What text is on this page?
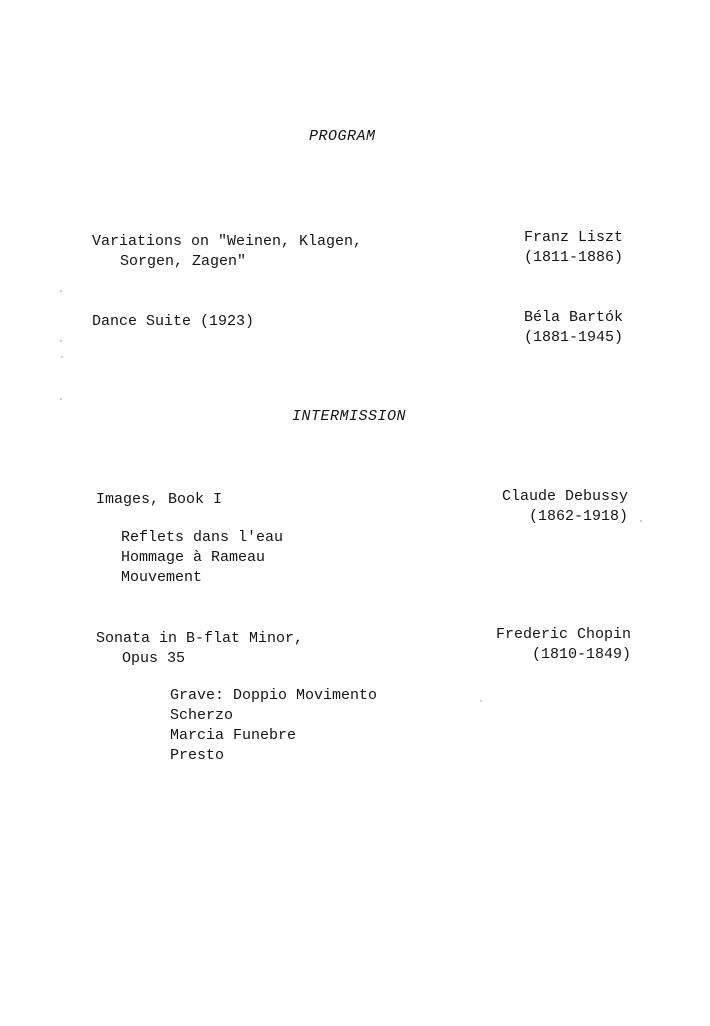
PROGRAM
Variations on "Weinen, Klagen,
Sorgen, Zagen"
Franz Liszt
(1811-1886)
Dance Suite (1923)	Béla Bartók
(1881-1945)
INTERMISSION
Images, Book I	Claude Debussy
(1862-1918)
Reflets dans l'eau
Hommage à Rameau
Mouvement
Sonata in B-flat Minor,
Opus 35
Frederic Chopin
(1810-1849)
Grave: Doppio Movimento
Scherzo
Marcia Funebre
Presto
